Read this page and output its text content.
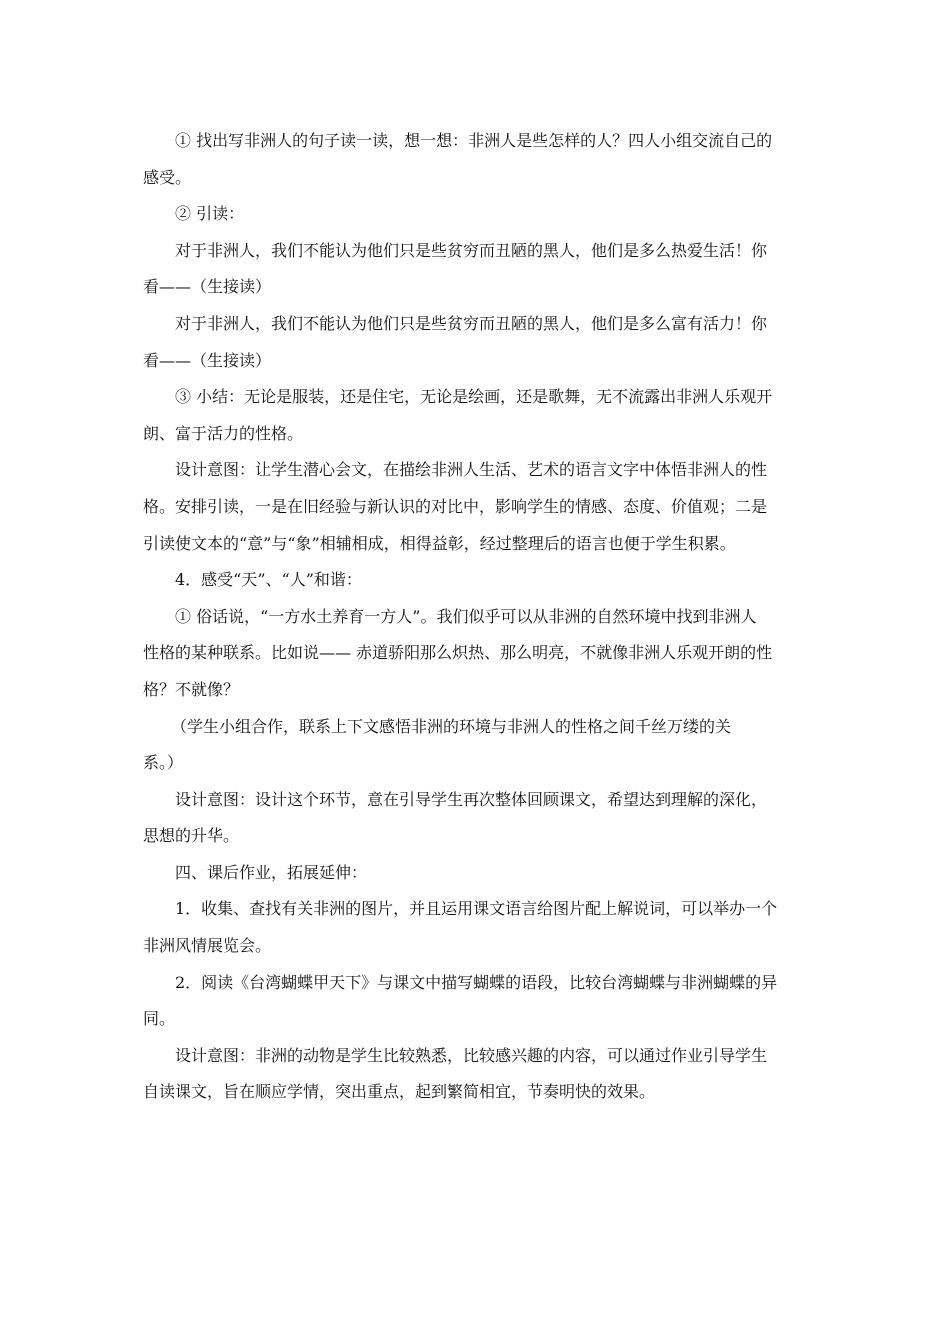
① 找出写非洲人的句子读一读，想一想：非洲人是些怎样的人？四人小组交流自己的
感受。
② 引读：
对于非洲人，我们不能认为他们只是些贫穷而丑陋的黑人，他们是多么热爱生活！你
看——（生接读）
对于非洲人，我们不能认为他们只是些贫穷而丑陋的黑人，他们是多么富有活力！你
看——（生接读）
③ 小结：无论是服装，还是住宅，无论是绘画，还是歌舞，无不流露出非洲人乐观开
朗、富于活力的性格。
设计意图：让学生潜心会文，在描绘非洲人生活、艺术的语言文字中体悟非洲人的性
格。安排引读，一是在旧经验与新认识的对比中，影响学生的情感、态度、价值观；二是
引读使文本的“意”与“象”相辅相成，相得益彰，经过整理后的语言也便于学生积累。
4．感受“天”、“人”和谐：
① 俗话说，“一方水土养育一方人”。我们似乎可以从非洲的自然环境中找到非洲人
性格的某种联系。比如说—— 赤道骄阳那么炽热、那么明亮，不就像非洲人乐观开朗的性
格？不就像？
（学生小组合作，联系上下文感悟非洲的环境与非洲人的性格之间千丝万缕的关
系。）
设计意图：设计这个环节，意在引导学生再次整体回顾课文，希望达到理解的深化，
思想的升华。
四、课后作业，拓展延伸：
1．收集、查找有关非洲的图片，并且运用课文语言给图片配上解说词，可以举办一个
非洲风情展览会。
2．阅读《台湾蝴蝶甲天下》与课文中描写蝴蝶的语段，比较台湾蝴蝶与非洲蝴蝶的异
同。
设计意图：非洲的动物是学生比较熟悉，比较感兴趣的内容，可以通过作业引导学生
自读课文，旨在顺应学情，突出重点，起到繁简相宜，节奏明快的效果。
